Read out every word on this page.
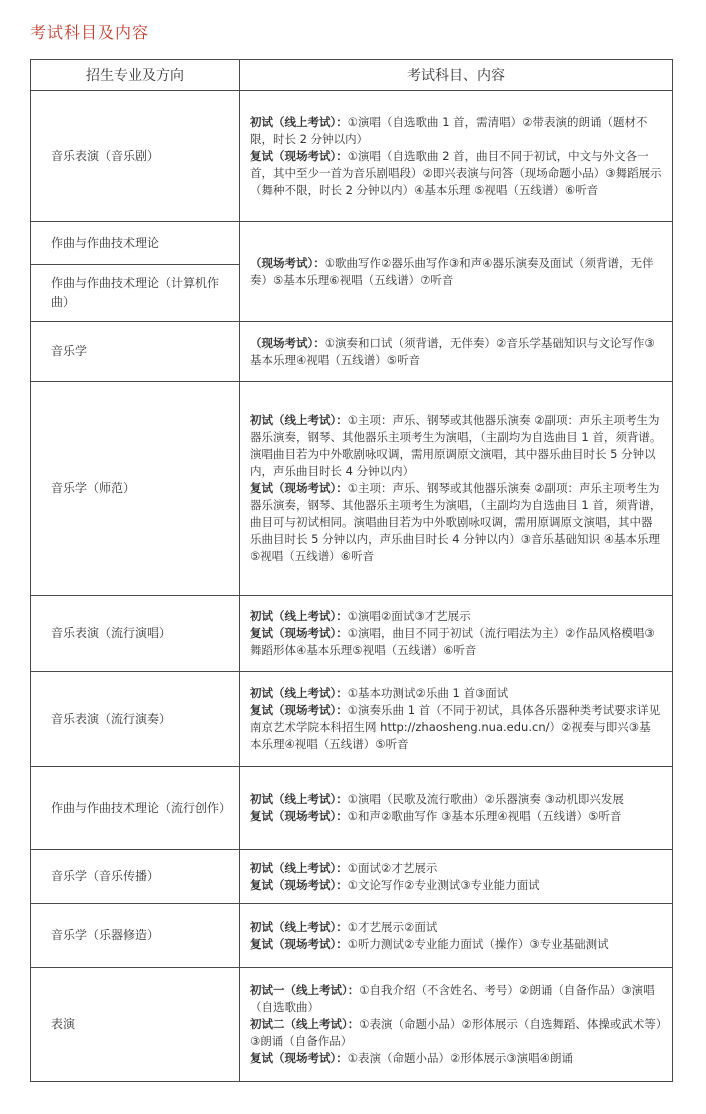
考试科目及内容
招生专业及方向	考试科目、内容
音乐表演（音乐剧）	初试（线上考试）：①演唱（自选歌曲 1 首，需清唱）②带表演的朗诵（题材不限，时长 2 分钟以内）
复试（现场考试）：①演唱（自选歌曲 2 首，曲目不同于初试，中文与外文各一首，其中至少一首为音乐剧唱段）②即兴表演与问答（现场命题小品）③舞蹈展示（舞种不限，时长 2 分钟以内）④基本乐理 ⑤视唱（五线谱）⑥听音

作曲与作曲技术理论	（现场考试）：①歌曲写作②器乐曲写作③和声④器乐演奏及面试（须背谱，无伴奏）⑤基本乐理⑥视唱（五线谱）⑦听音

作曲与作曲技术理论（计算机作曲）	
音乐学	（现场考试）：①演奏和口试（须背谱，无伴奏）②音乐学基础知识与文论写作③基本乐理④视唱（五线谱）⑤听音

音乐学（师范）	初试（线上考试）：①主项：声乐、钢琴或其他器乐演奏 ②副项：声乐主项考生为器乐演奏，钢琴、其他器乐主项考生为演唱，（主副均为自选曲目 1 首，须背谱。演唱曲目若为中外歌剧咏叹调，需用原调原文演唱，其中器乐曲目时长 5 分钟以内，声乐曲目时长 4 分钟以内）
复试（现场考试）：①主项：声乐、钢琴或其他器乐演奏 ②副项：声乐主项考生为器乐演奏，钢琴、其他器乐主项考生为演唱，（主副均为自选曲目 1 首，须背谱，曲目可与初试相同。演唱曲目若为中外歌剧咏叹调，需用原调原文演唱，其中器乐曲目时长 5 分钟以内，声乐曲目时长 4 分钟以内）③音乐基础知识 ④基本乐理 ⑤视唱（五线谱）⑥听音

音乐表演（流行演唱）	初试（线上考试）：①演唱②面试③才艺展示
复试（现场考试）：①演唱，曲目不同于初试（流行唱法为主）②作品风格模唱③舞蹈形体④基本乐理⑤视唱（五线谱）⑥听音

音乐表演（流行演奏）	初试（线上考试）：①基本功测试②乐曲 1 首③面试
复试（现场考试）：①演奏乐曲 1 首（不同于初试，具体各乐器种类考试要求详见南京艺术学院本科招生网 http://zhaosheng.nua.edu.cn/）②视奏与即兴③基本乐理④视唱（五线谱）⑤听音

作曲与作曲技术理论（流行创作）	初试（线上考试）：①演唱（民歌及流行歌曲）②乐器演奏 ③动机即兴发展
复试（现场考试）：①和声②歌曲写作 ③基本乐理④视唱（五线谱）⑤听音

音乐学（音乐传播）	初试（线上考试）：①面试②才艺展示
复试（现场考试）：①文论写作②专业测试③专业能力面试

音乐学（乐器修造）	初试（线上考试）：①才艺展示②面试
复试（现场考试）：①听力测试②专业能力面试（操作）③专业基础测试

表演	初试一（线上考试）：①自我介绍（不含姓名、考号）②朗诵（自备作品）③演唱（自选歌曲）
初试二（线上考试）：①表演（命题小品）②形体展示（自选舞蹈、体操或武术等）③朗诵（自备作品）
复试（现场考试）：①表演（命题小品）②形体展示③演唱④朗诵
